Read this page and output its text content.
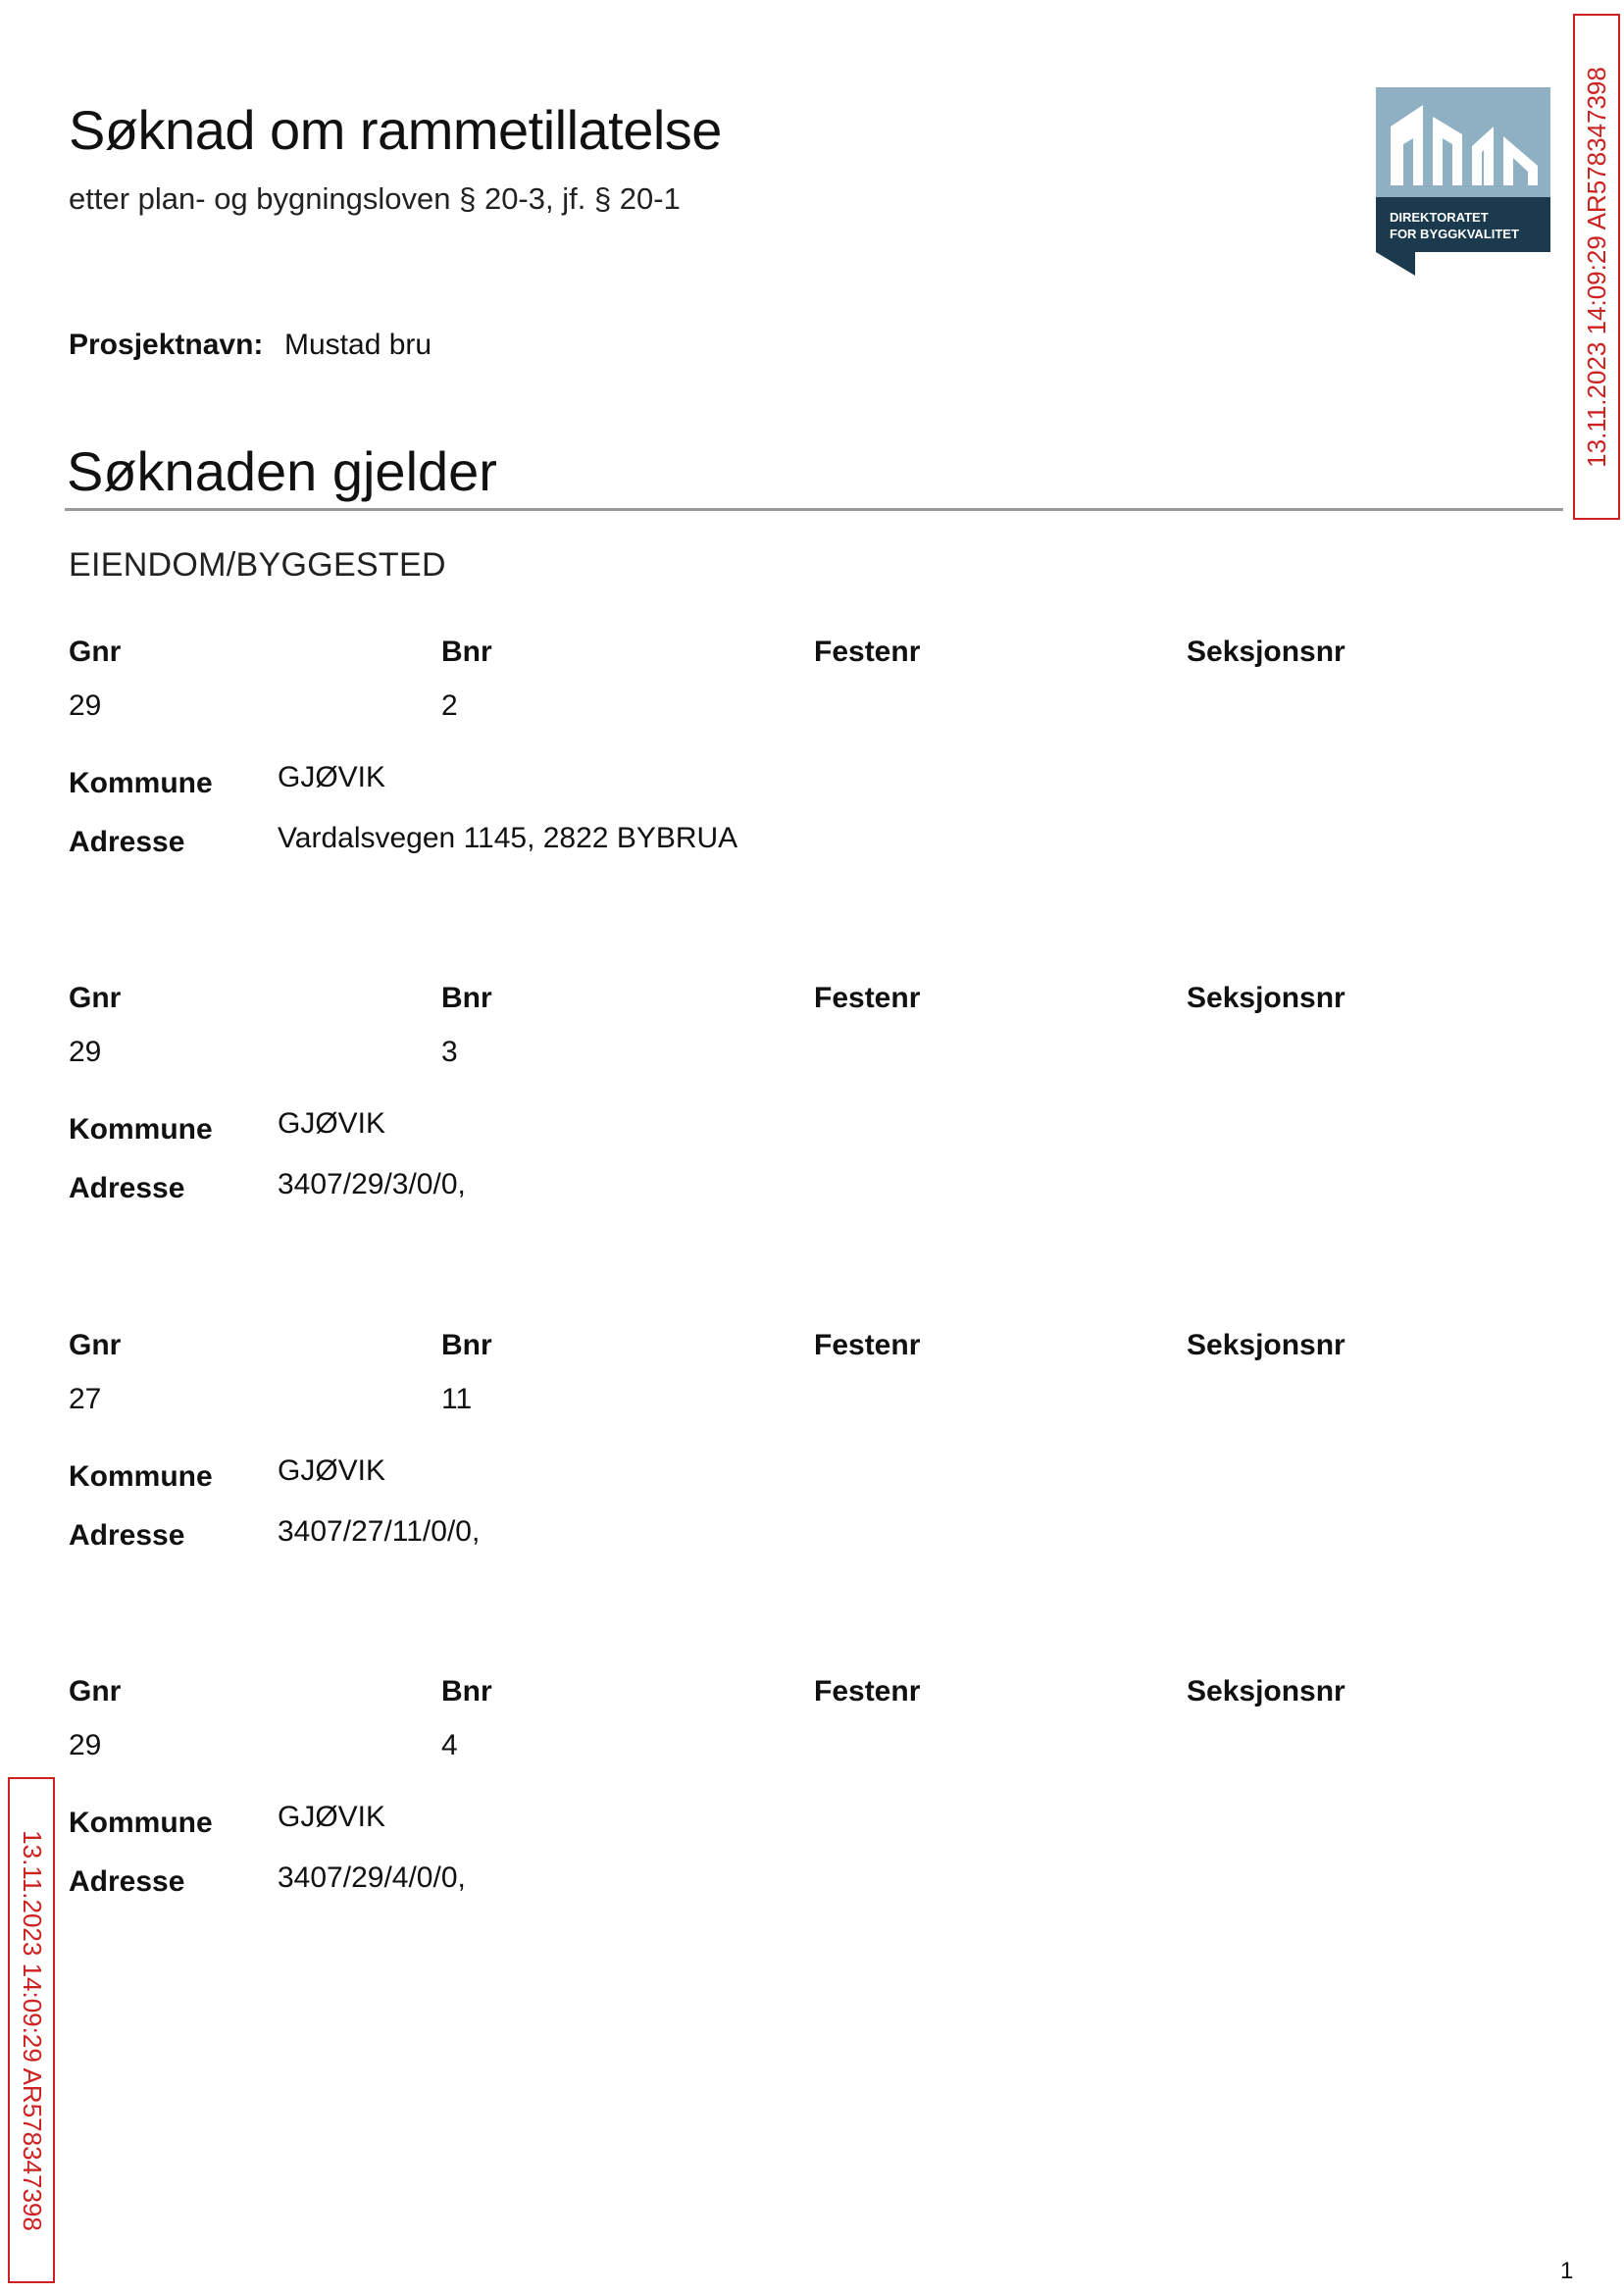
Søknad om rammetillatelse
etter plan- og bygningsloven § 20-3, jf. § 20-1
DIREKTORATET
FOR BYGGKVALITET
Prosjektnavn: Mustad bru
Søknaden gjelder
EIENDOM/BYGGESTED
Gnr	Bnr	Festenr	Seksjonsnr
29	2
Kommune GJØVIK
Adresse	Vardalsvegen 1145, 2822 BYBRUA
Gnr	Bnr	Festenr	Seksjonsnr
29	3
Kommune GJØVIK
Adresse	3407/29/3/0/0,
Gnr	Bnr	Festenr	Seksjonsnr
27	11
Kommune GJØVIK
Adresse	3407/27/11/0/0,
Gnr	Bnr	Festenr	Seksjonsnr
29	4
Kommune GJØVIK
Adresse	3407/29/4/0/0,
13.11.2023 14:09:29 AR578347398
13.11.2023 14:09:29 AR578347398
1
